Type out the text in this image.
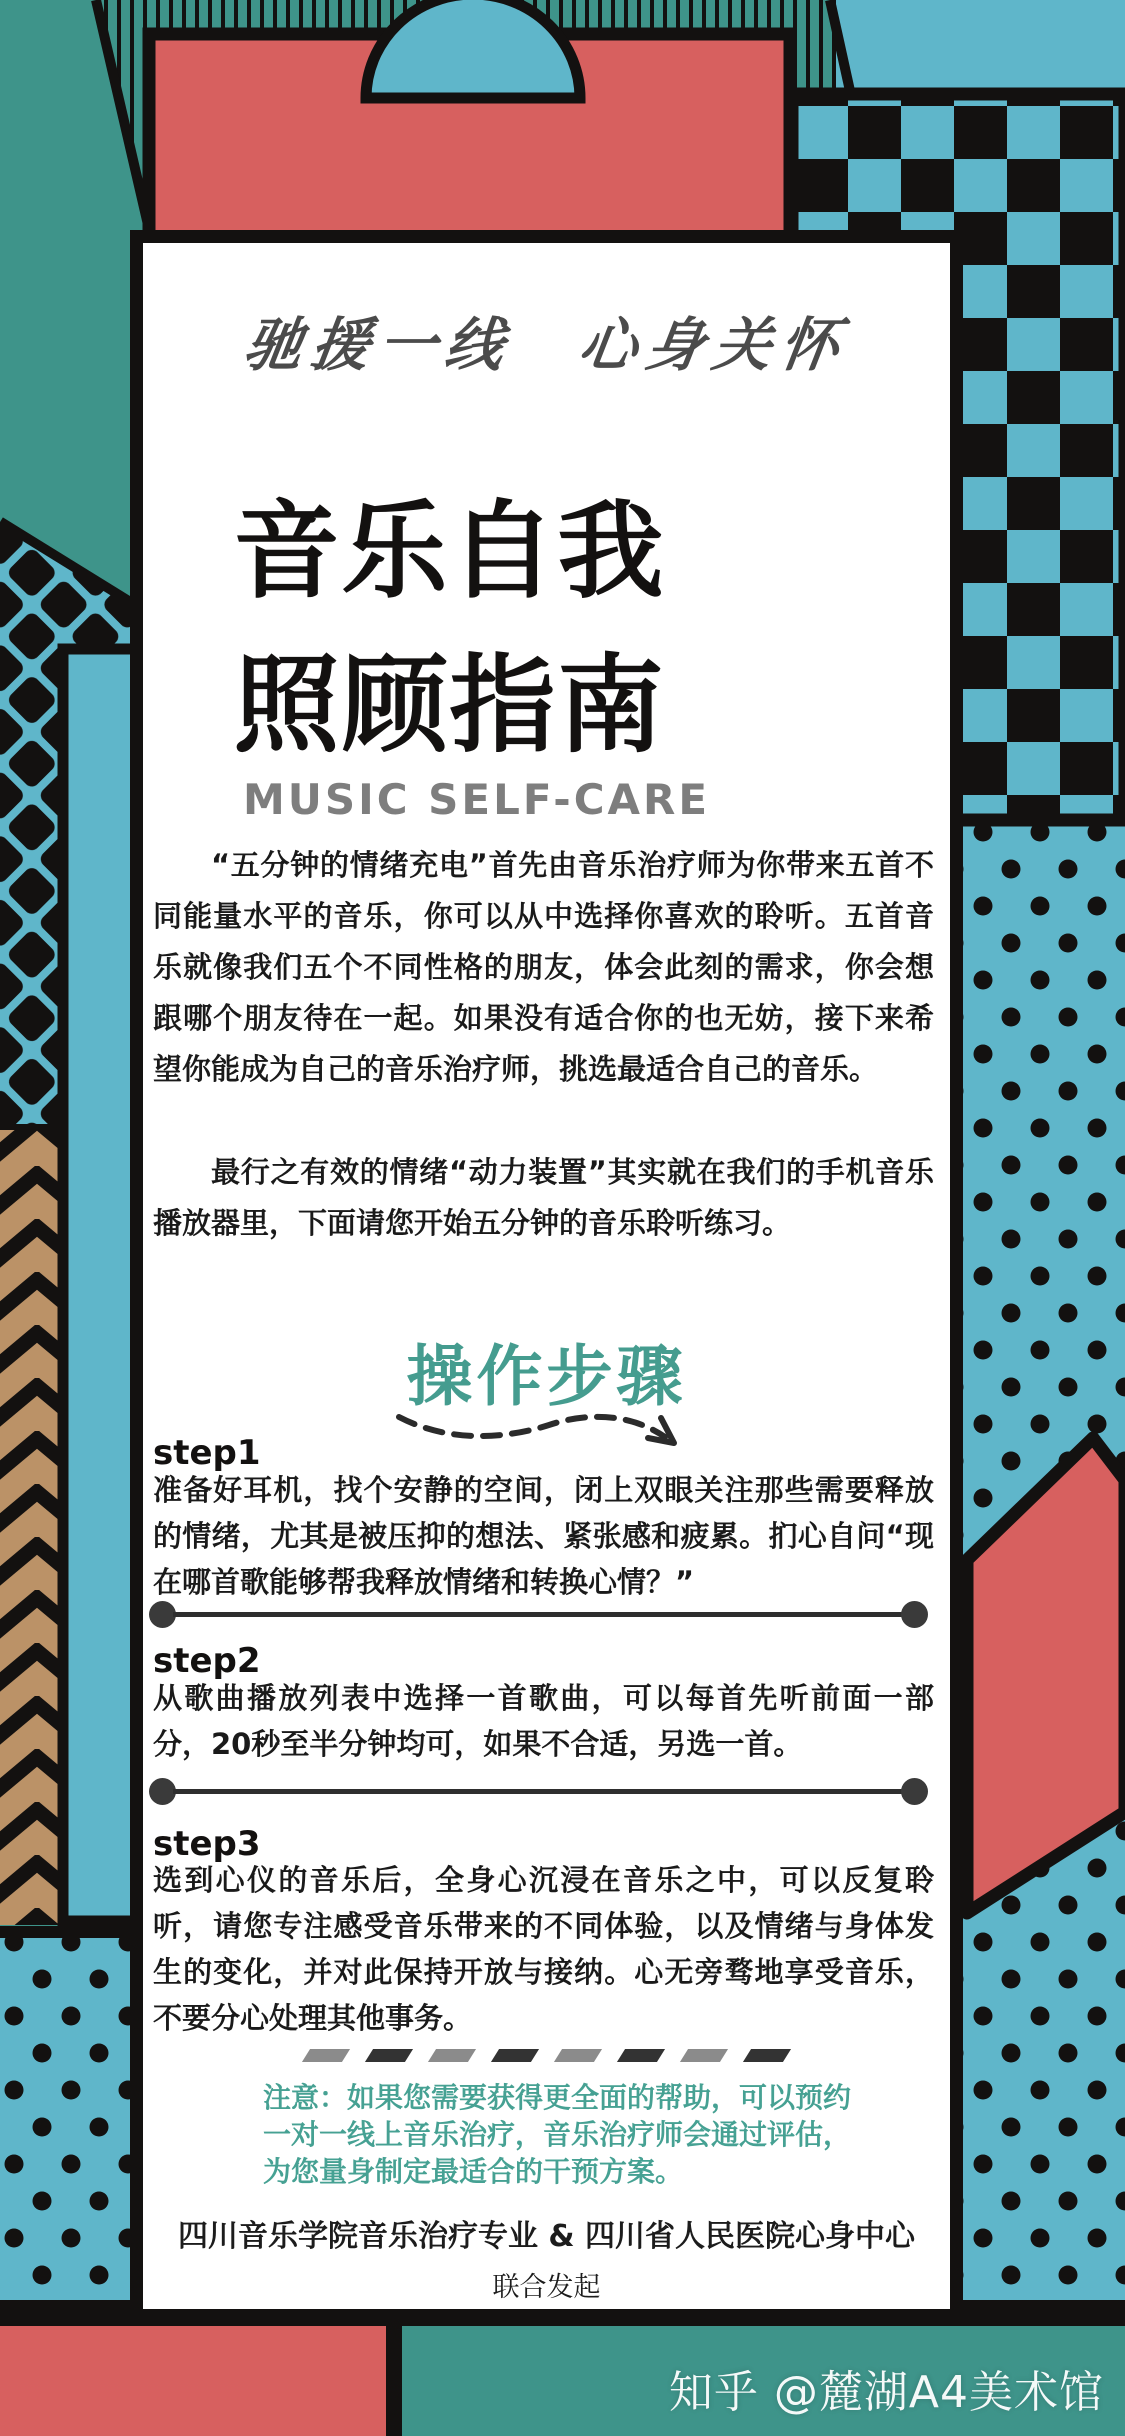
驰援一线　心身关怀
音乐自我
照顾指南
MUSIC SELF-CARE
“五分钟的情绪充电”首先由音乐治疗师为你带来五首不同能量水平的音乐，你可以从中选择你喜欢的聆听。五首音乐就像我们五个不同性格的朋友，体会此刻的需求，你会想跟哪个朋友待在一起。如果没有适合你的也无妨，接下来希望你能成为自己的音乐治疗师，挑选最适合自己的音乐。
最行之有效的情绪“动力装置”其实就在我们的手机音乐播放器里，下面请您开始五分钟的音乐聆听练习。
操作步骤
step1
准备好耳机，找个安静的空间，闭上双眼关注那些需要释放的情绪，尤其是被压抑的想法、紧张感和疲累。扪心自问“现在哪首歌能够帮我释放情绪和转换心情？”
step2
从歌曲播放列表中选择一首歌曲，可以每首先听前面一部分，20秒至半分钟均可，如果不合适，另选一首。
step3
选到心仪的音乐后，全身心沉浸在音乐之中，可以反复聆听，请您专注感受音乐带来的不同体验，以及情绪与身体发生的变化，并对此保持开放与接纳。心无旁骛地享受音乐，不要分心处理其他事务。
注意：如果您需要获得更全面的帮助，可以预约一对一线上音乐治疗，音乐治疗师会通过评估，为您量身制定最适合的干预方案。
四川音乐学院音乐治疗专业 & 四川省人民医院心身中心
联合发起
知乎 @麓湖A4美术馆
